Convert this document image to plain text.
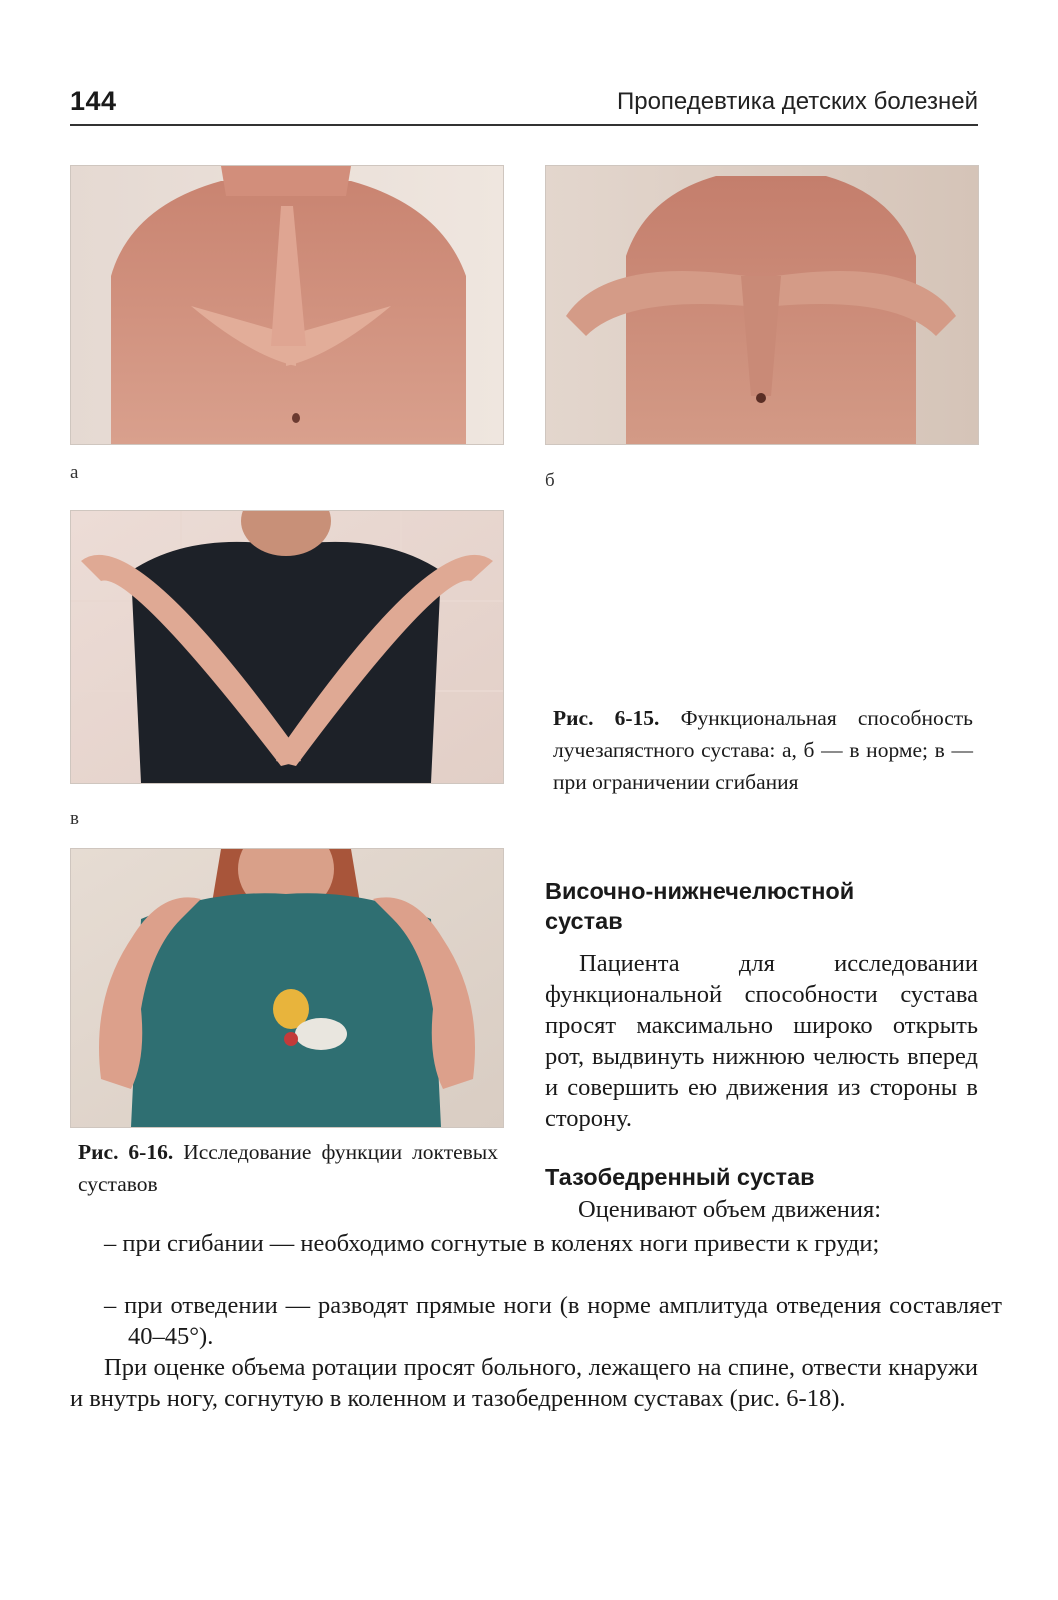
144	Пропедевтика детских болезней
а	б
в
Рис. 6-15. Функциональная способность лучезапястного сустава: а, б — в норме; в — при ограничении сгибания
Рис. 6-16. Исследование функции локтевых суставов
Височно-нижнечелюстной
сустав
Пациента для исследовании функциональной способности сустава просят максимально широко открыть рот, выдвинуть нижнюю челюсть вперед и совершить ею движения из стороны в сторону.
Тазобедренный сустав
Оценивают объем движения:
– при сгибании — необходимо согнутые в коленях ноги привести к груди;
– при отведении — разводят прямые ноги (в норме амплитуда отведения составляет 40–45°).
При оценке объема ротации просят больного, лежащего на спине, отвести кнаружи и внутрь ногу, согнутую в коленном и тазобедренном суставах (рис. 6-18).
